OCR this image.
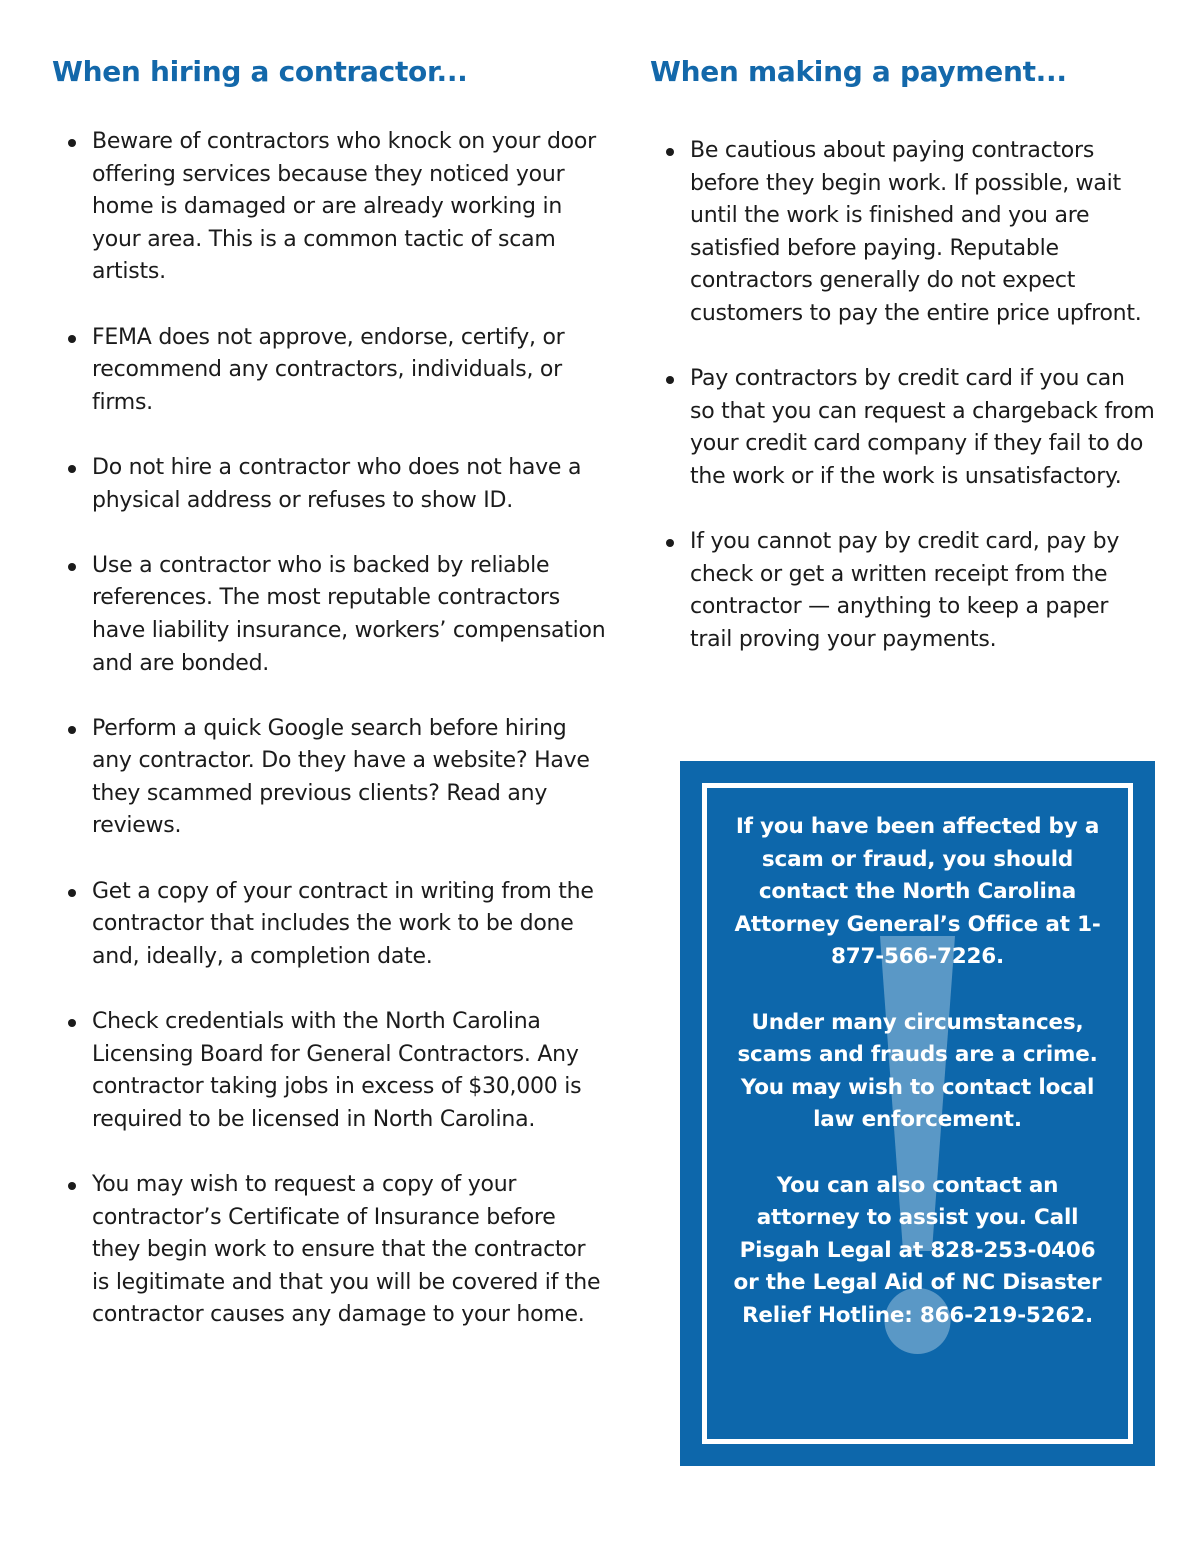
When hiring a contractor...	When making a payment...
Beware of contractors who knock on your door offering services because they noticed your home is damaged or are already working in your area. This is a common tactic of scam artists.
FEMA does not approve, endorse, certify, or recommend any contractors, individuals, or firms.
Do not hire a contractor who does not have a physical address or refuses to show ID.
Use a contractor who is backed by reliable references. The most reputable contractors have liability insurance, workers’ compensation and are bonded.
Perform a quick Google search before hiring any contractor. Do they have a website? Have they scammed previous clients? Read any reviews.
Get a copy of your contract in writing from the contractor that includes the work to be done and, ideally, a completion date.
Check credentials with the North Carolina Licensing Board for General Contractors. Any contractor taking jobs in excess of $30,000 is required to be licensed in North Carolina.
You may wish to request a copy of your contractor’s Certificate of Insurance before they begin work to ensure that the contractor is legitimate and that you will be covered if the contractor causes any damage to your home.
Be cautious about paying contractors before they begin work. If possible, wait until the work is finished and you are satisfied before paying. Reputable contractors generally do not expect customers to pay the entire price upfront.
Pay contractors by credit card if you can so that you can request a chargeback from your credit card company if they fail to do the work or if the work is unsatisfactory.
If you cannot pay by credit card, pay by check or get a written receipt from the contractor — anything to keep a paper trail proving your payments.

If you have been affected by a scam or fraud, you should contact the North Carolina Attorney General’s Office at 1-877-566-7226.

Under many circumstances, scams and frauds are a crime. You may wish to contact local law enforcement.

You can also contact an attorney to assist you. Call Pisgah Legal at 828-253-0406 or the Legal Aid of NC Disaster Relief Hotline: 866-219-5262.
